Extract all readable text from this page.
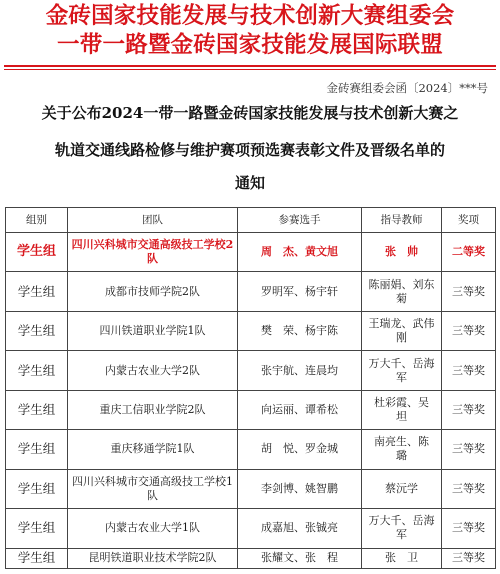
金砖国家技能发展与技术创新大赛组委会
一带一路暨金砖国家技能发展国际联盟
金砖赛组委会函〔2024〕***号
关于公布2024一带一路暨金砖国家技能发展与技术创新大赛之
轨道交通线路检修与维护赛项预选赛表彰文件及晋级名单的
通知
组别	团队	参赛选手	指导教师	奖项
学生组	四川兴科城市交通高级技工学校2队	周　杰、黄文旭	张　帅	二等奖
学生组	成都市技师学院2队	罗明军、杨宇轩	陈丽娟、刘东菊	三等奖
学生组	四川铁道职业学院1队	樊　荣、杨宇陈	王瑞龙、武伟刚	三等奖
学生组	内蒙古农业大学2队	张宇航、连晨均	万大千、岳海军	三等奖
学生组	重庆工信职业学院2队	向运丽、谭希松	杜彩霞、吴　坦	三等奖
学生组	重庆移通学院1队	胡　悦、罗金城	南亮生、陈　璐	三等奖
学生组	四川兴科城市交通高级技工学校1队	李剑博、姚智鹏	蔡沅学	三等奖
学生组	内蒙古农业大学1队	成嘉旭、张铖亮	万大千、岳海军	三等奖
学生组	昆明铁道职业技术学院2队	张耀文、张　程	张　卫	三等奖
